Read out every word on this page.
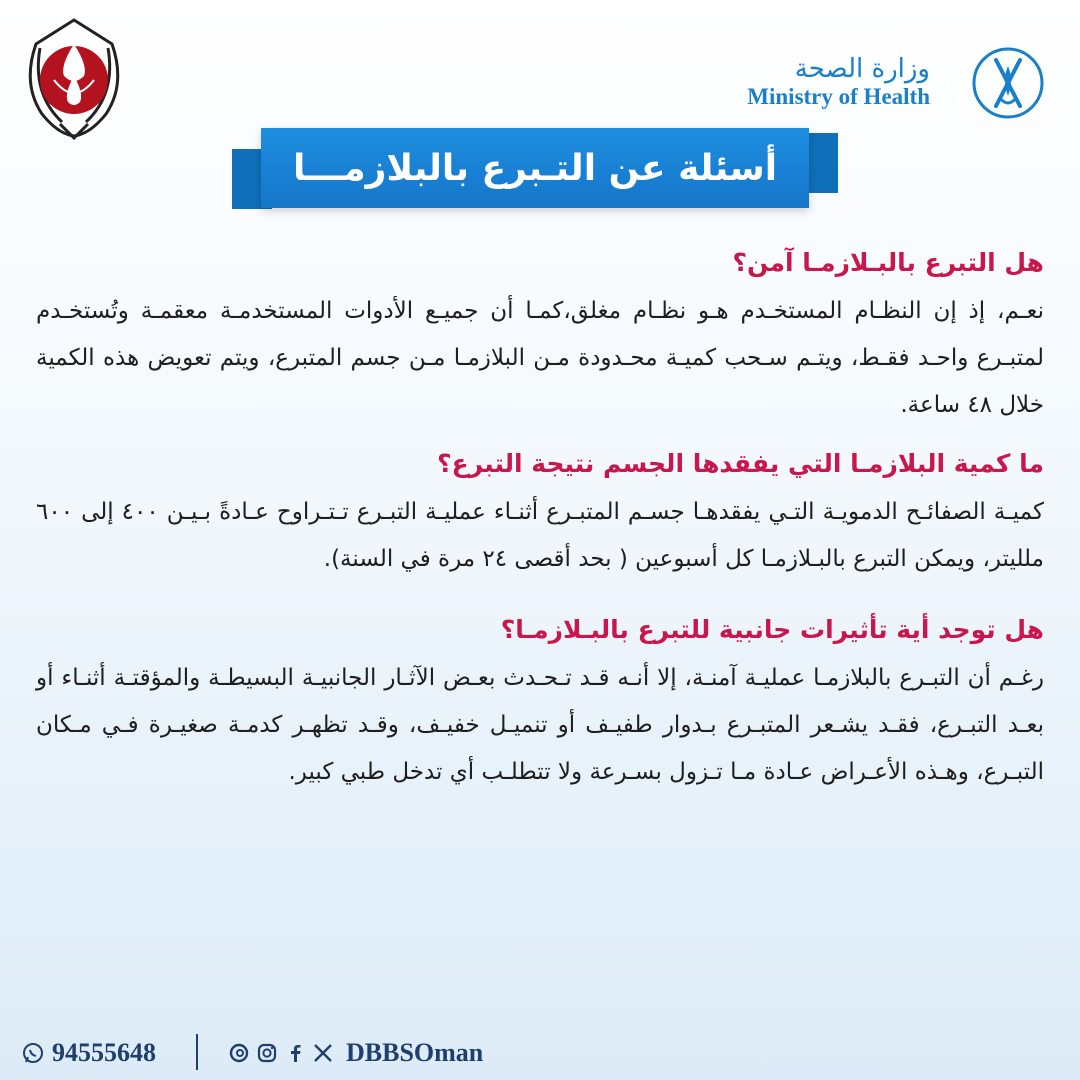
وزارة الصحة
Ministry of Health
أسئلة عن التـبرع بالبلازمـــا

هل التبرع بالبـلازمـا آمن؟

نعـم، إذ إن النظـام المستخـدم هـو نظـام مغلق،كمـا أن جميـع الأدوات المستخدمـة معقمـة وتُستخـدم لمتبـرع واحـد فقـط، ويتـم سـحب كميـة محـدودة مـن البلازمـا مـن جسم المتبرع، ويتم تعويض هذه الكمية خلال ٤٨ ساعة.

ما كمية البلازمـا التي يفقدها الجسم نتيجة التبرع؟

كميـة الصفائـح الدمويـة التـي يفقدهـا جسـم المتبـرع أثنـاء عمليـة التبـرع تـتـراوح عـادةً بـيـن ٤٠٠ إلى ٦٠٠ ملليتر، ويمكن التبرع بالبـلازمـا كل أسبوعين ( بحد أقصى ٢٤ مرة في السنة).

هل توجد أية تأثيرات جانبية للتبرع بالبـلازمـا؟

رغـم أن التبـرع بالبلازمـا عمليـة آمنـة، إلا أنـه قـد تـحـدث بعـض الآثـار الجانبيـة البسيطـة والمؤقتـة أثنـاء أو بعـد التبـرع، فقـد يشـعر المتبـرع بـدوار طفيـف أو تنميـل خفيـف، وقـد تظهـر كدمـة صغيـرة فـي مـكان التبـرع، وهـذه الأعـراض عـادة مـا تـزول بسـرعة ولا تتطلـب أي تدخل طبي كبير.

94555648	DBBSOman
